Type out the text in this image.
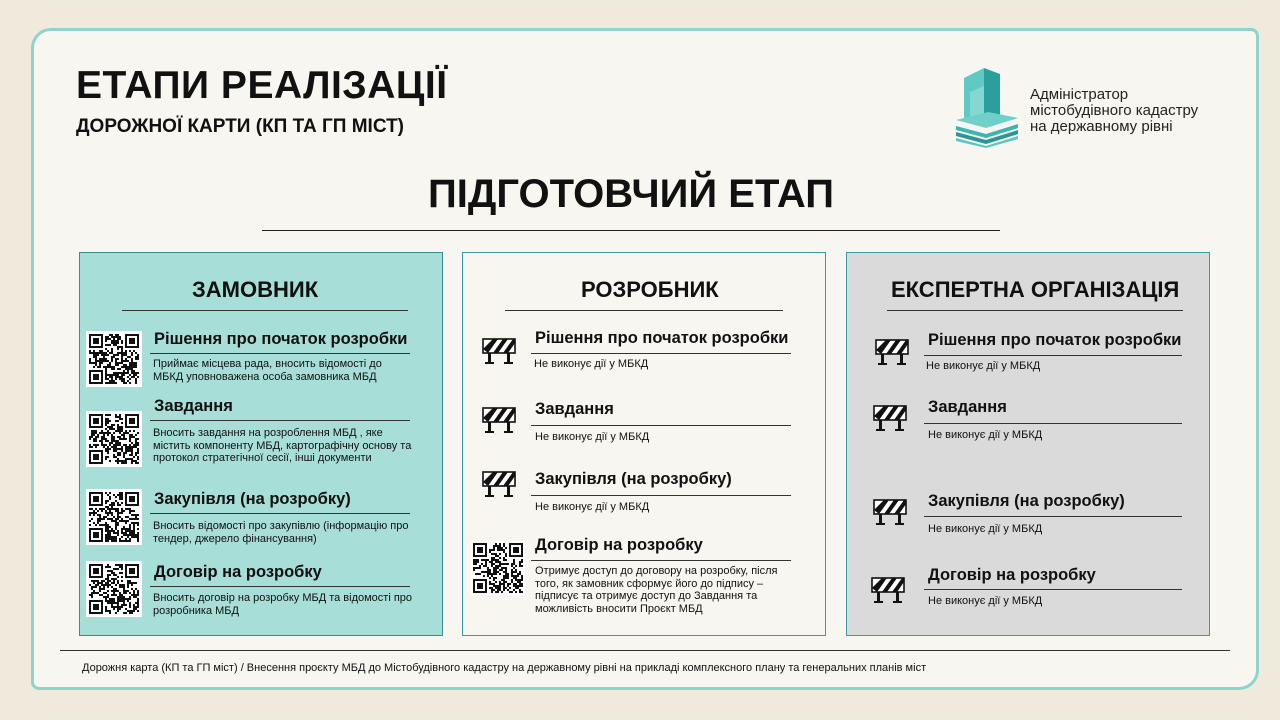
ЕТАПИ РЕАЛІЗАЦІЇ
ДОРОЖНОЇ КАРТИ (КП ТА ГП МІСТ)
Адміністратор
містобудівного кадастру
на державному рівні
ПІДГОТОВЧИЙ ЕТАП
ЗАМОВНИК
Рішення про початок розробки
Приймає місцева рада, вносить відомості до МБКД уповноважена особа замовника МБД
Завдання
Вносить завдання на розроблення МБД , яке містить компоненту МБД, картографічну основу та протокол стратегічної сесії, інші документи
Закупівля (на розробку)
Вносить відомості про закупівлю (інформацію про тендер, джерело фінансування)
Договір на розробку
Вносить договір на розробку МБД та відомості про розробника МБД
РОЗРОБНИК
Рішення про початок розробки
Не виконує дії у МБКД
Завдання
Не виконує дії у МБКД
Закупівля (на розробку)
Не виконує дії у МБКД
Договір на розробку
Отримує доступ до договору на розробку, після того, як замовник сформує його до підпису – підписує та отримує доступ до Завдання та можливість вносити Проєкт МБД
ЕКСПЕРТНА ОРГАНІЗАЦІЯ
Рішення про початок розробки
Не виконує дії у МБКД
Завдання
Не виконує дії у МБКД
Закупівля (на розробку)
Не виконує дії у МБКД
Договір на розробку
Не виконує дії у МБКД
Дорожня карта (КП та ГП міст) / Внесення проєкту МБД до Містобудівного кадастру на державному рівні на прикладі комплексного плану та генеральних планів міст
